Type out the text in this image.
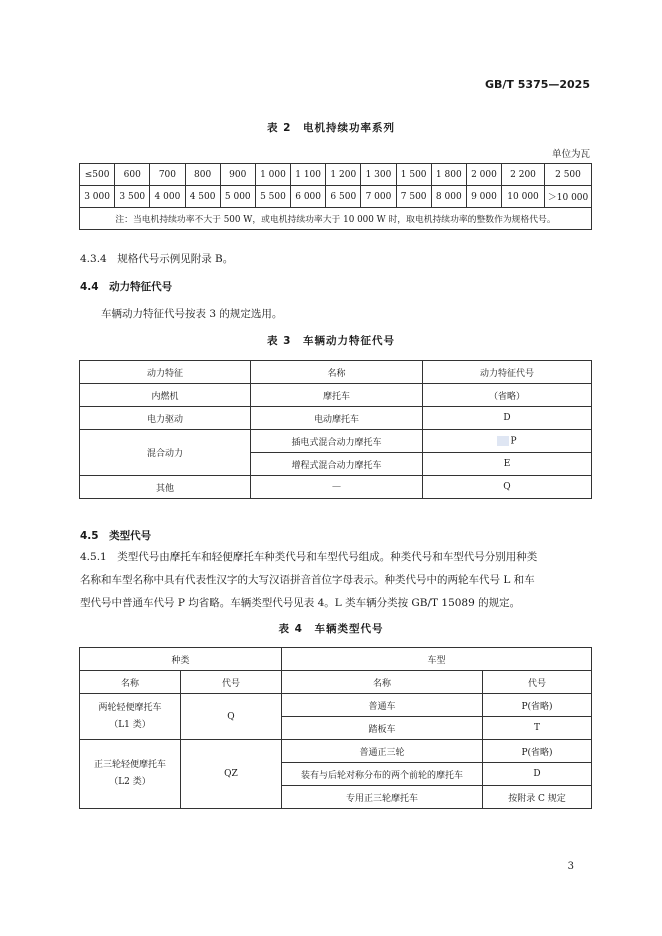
GB/T 5375—2025
表 2　电机持续功率系列
单位为瓦
≤500	600	700	800	900	1 000	1 100	1 200	1 300	1 500	1 800	2 000	2 200	2 500
3 000	3 500	4 000	4 500	5 000	5 500	6 000	6 500	7 000	7 500	8 000	9 000	10 000	＞10 000
注：当电机持续功率不大于 500 W，或电机持续功率大于 10 000 W 时，取电机持续功率的整数作为规格代号。													
4.3.4　 规格代号示例见附录 B。
4.4　 动力特征代号
车辆动力特征代号按表 3 的规定选用。
表 3　车辆动力特征代号
动力特征	名称	动力特征代号
内燃机	摩托车	（省略）
电力驱动	电动摩托车	D
混合动力	插电式混合动力摩托车	P
	增程式混合动力摩托车	E
其他	—	Q
4.5　 类型代号
4.5.1　 类型代号由摩托车和轻便摩托车种类代号和车型代号组成。种类代号和车型代号分别用种类
名称和车型名称中具有代表性汉字的大写汉语拼音首位字母表示。种类代号中的两轮车代号 L 和车
型代号中普通车代号 P 均省略。车辆类型代号见表 4。L 类车辆分类按 GB/T 15089 的规定。
表 4　车辆类型代号
种类		车型	
名称	代号	名称	代号

两轮轻便摩托车
（L1 类）	Q	普通车	P(省略)
		踏板车	T

正三轮轻便摩托车
（L2 类）	QZ	普通正三轮	P(省略)
		装有与后轮对称分布的两个前轮的摩托车	D
		专用正三轮摩托车	按附录 C 规定
3
